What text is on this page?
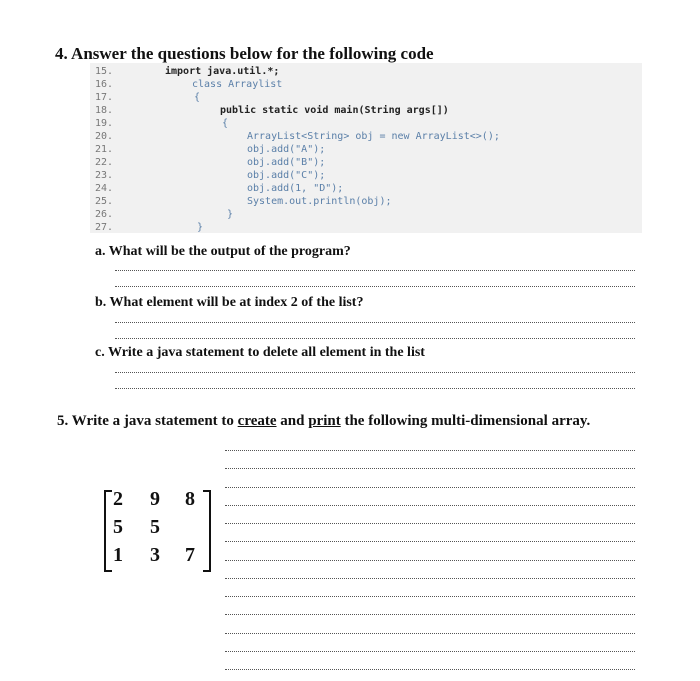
4. Answer the questions below for the following code
15.
16.
17.
18.
19.
20.
21.
22.
23.
24.
25.
26.
27.
import java.util.*;
class Arraylist
{
public static void main(String args[])
{
ArrayList<String> obj = new ArrayList<>();
obj.add("A");
obj.add("B");
obj.add("C");
obj.add(1, "D");
System.out.println(obj);
}
}
a. What will be the output of the program?
b. What element will be at index 2 of the list?
c. Write a java statement to delete all element in the list
5. Write a java statement to create and print the following multi-dimensional array.
2 9 8
5 5
1 3 7
